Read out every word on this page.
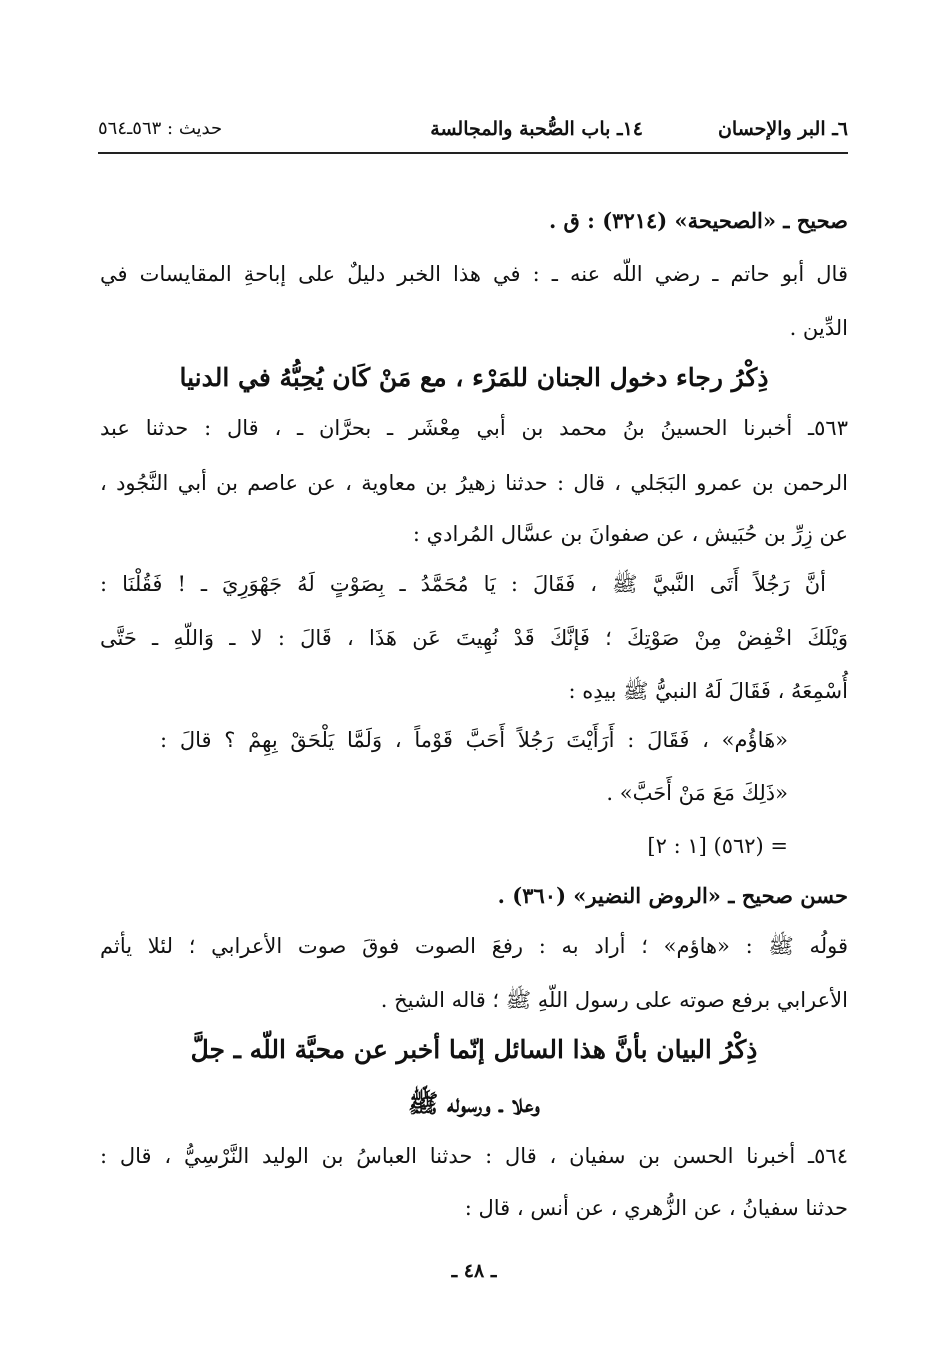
٦ـ البر والإحسان
١٤ـ باب الصُّحبة والمجالسة
حديث : ٥٦٣ـ٥٦٤
صحيح ـ «الصحيحة» (٣٢١٤) : ق .
قال أبو حاتم ـ رضي اللّه عنه ـ : في هذا الخبر دليلٌ على إباحةِ المقايسات في
الدِّين .
ذِكْرُ رجاء دخول الجنان للمَرْء ، مع مَنْ كَان يُحِبُّهُ في الدنيا
٥٦٣ـ أخبرنا الحسينُ بنُ محمد بن أبي مِعْشَر ـ بحرَّان ـ ، قال : حدثنا عبد
الرحمن بن عمرو البَجَلي ، قال : حدثنا زهيرُ بن معاوية ، عن عاصم بن أبي النَّجُود ،
عن زِرِّ بن حُبَيش ، عن صفوانَ بن عسَّال المُرادي :
أنَّ رَجُلاً أَتَى النَّبيَّ ﷺ ، فَقَالَ : يَا مُحَمَّدُ ـ بِصَوْتٍ لَهُ جَهْوَرِيَ ـ ! فَقُلْنَا :
وَيْلَكَ اخْفِضْ مِنْ صَوْتِكَ ؛ فَإنَّكَ قَدْ نُهِيتَ عَن هَذَا ، قَالَ : لا ـ وَاللّهِ ـ حَتَّى
أُسْمِعَهُ ، فَقَالَ لَهُ النبيُّ ﷺ بيدِه :
«هَاؤُم» ، فَقَالَ : أَرَأَيْتَ رَجُلاً أَحَبَّ قَوْماً ، وَلَمَّا يَلْحَقْ بِهِمْ ؟ قالَ :
«ذَلِكَ مَعَ مَنْ أَحَبَّ» .
= (٥٦٢) [١ : ٢]
حسن صحيح ـ «الروض النضير» (٣٦٠) .
قولُه ﷺ : «هاؤم» ؛ أراد به : رفعَ الصوت فوقَ صوت الأعرابي ؛ لئلا يأثم
الأعرابي برفع صوته على رسول اللّهِ ﷺ ؛ قاله الشيخ .
ذِكْرُ البيان بأنَّ هذا السائل إنّما أخبر عن محبَّة اللّه ـ جلَّ
وعلا ـ ورسوله ﷺ
٥٦٤ـ أخبرنا الحسن بن سفيان ، قال : حدثنا العباسُ بن الوليد النَّرْسِيُّ ، قال :
حدثنا سفيانُ ، عن الزُّهري ، عن أنس ، قال :
ـ ٤٨ ـ
